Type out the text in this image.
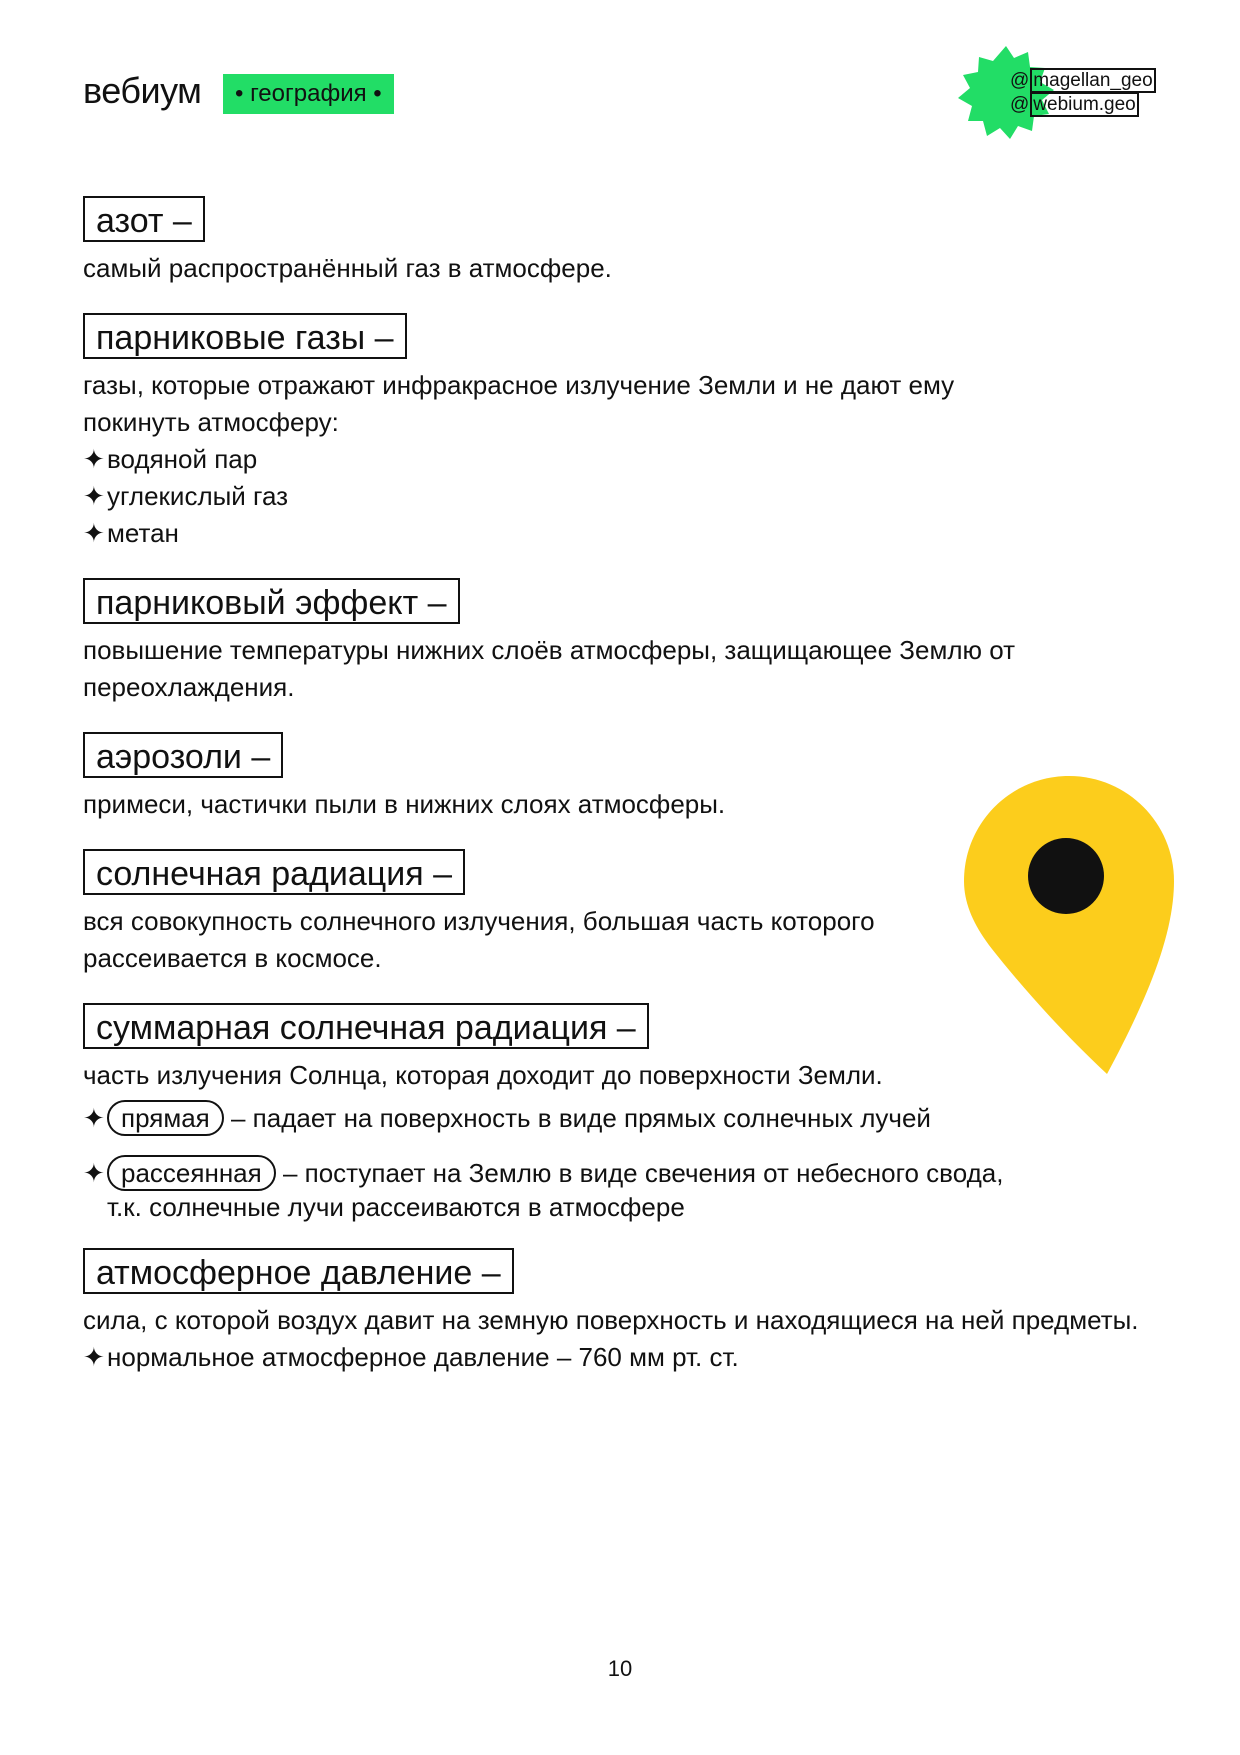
вебиум	• география •	@ magellan_geo
@ webium.geo
азот –
самый распространённый газ в атмосфере.
парниковые газы –
газы, которые отражают инфракрасное излучение Земли и не дают ему
покинуть атмосферу:
✦водяной пар
✦углекислый газ
✦метан
парниковый эффект –
повышение температуры нижних слоёв атмосферы, защищающее Землю от
переохлаждения.
аэрозоли –
примеси, частички пыли в нижних слоях атмосферы.
солнечная радиация –
вся совокупность солнечного излучения, большая часть которого
рассеивается в космосе.
суммарная солнечная радиация –
часть излучения Солнца, которая доходит до поверхности Земли.
✦ прямая – падает на поверхность в виде прямых солнечных лучей
✦ рассеянная – поступает на Землю в виде свечения от небесного свода,
т.к. солнечные лучи рассеиваются в атмосфере
атмосферное давление –
сила, с которой воздух давит на земную поверхность и находящиеся на ней предметы.
✦нормальное атмосферное давление – 760 мм рт. ст.
10
